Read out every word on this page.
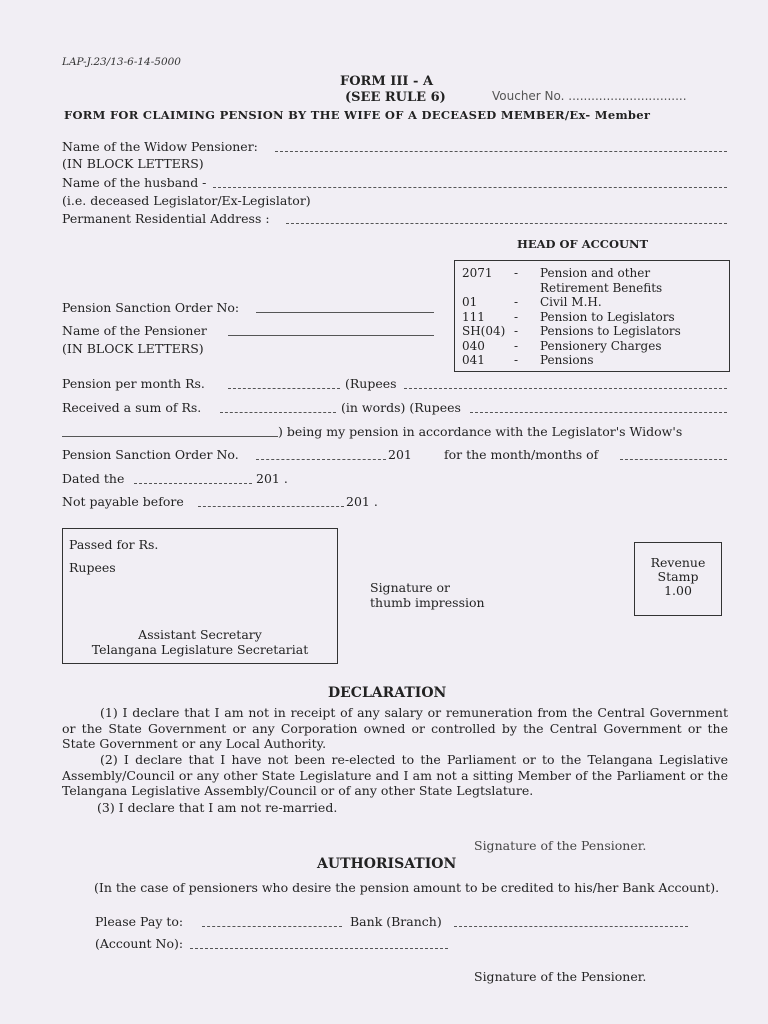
LAP-J.23/13-6-14-5000
FORM III - A
(SEE RULE 6)	Voucher No. ...............................
FORM FOR CLAIMING PENSION BY THE WIFE OF A DECEASED MEMBER/Ex- Member
Name of the Widow Pensioner:
(IN BLOCK LETTERS)
Name of the husband -
(i.e. deceased Legislator/Ex-Legislator)
Permanent Residential Address :
HEAD OF ACCOUNT
2071 - Pension and other
Retirement Benefits
01	- Civil M.H.
111 - Pension to Legislators
SH(04) - Pensions to Legislators
040 - Pensionery Charges
041 - Pensions
Pension Sanction Order No:
Name of the Pensioner
(IN BLOCK LETTERS)
Pension per month Rs.	(Rupees
Received a sum of Rs.	(in words) (Rupees
) being my pension in accordance with the Legislator's Widow's
Pension Sanction Order No.	201	for the month/months of
Dated the	201 .
Not payable before	201 .
Passed for Rs.
Rupees
Assistant Secretary
Telangana Legislature Secretariat
Signature or
thumb impression
Revenue
Stamp
1.00
DECLARATION
(1) I declare that I am not in receipt of any salary or remuneration from the Central Government or the State Government or any Corporation owned or controlled by the Central Government or the State Government or any Local Authority.
(2) I declare that I have not been re-elected to the Parliament or to the Telangana Legislative Assembly/Council or any other State Legislature and I am not a sitting Member of the Parliament or the Telangana Legislative Assembly/Council or of any other State Legtslature.
(3) I declare that I am not re-married.
Signature of the Pensioner.
AUTHORISATION
(In the case of pensioners who desire the pension amount to be credited to his/her Bank Account).
Please Pay to:	Bank (Branch)
(Account No):
Signature of the Pensioner.
